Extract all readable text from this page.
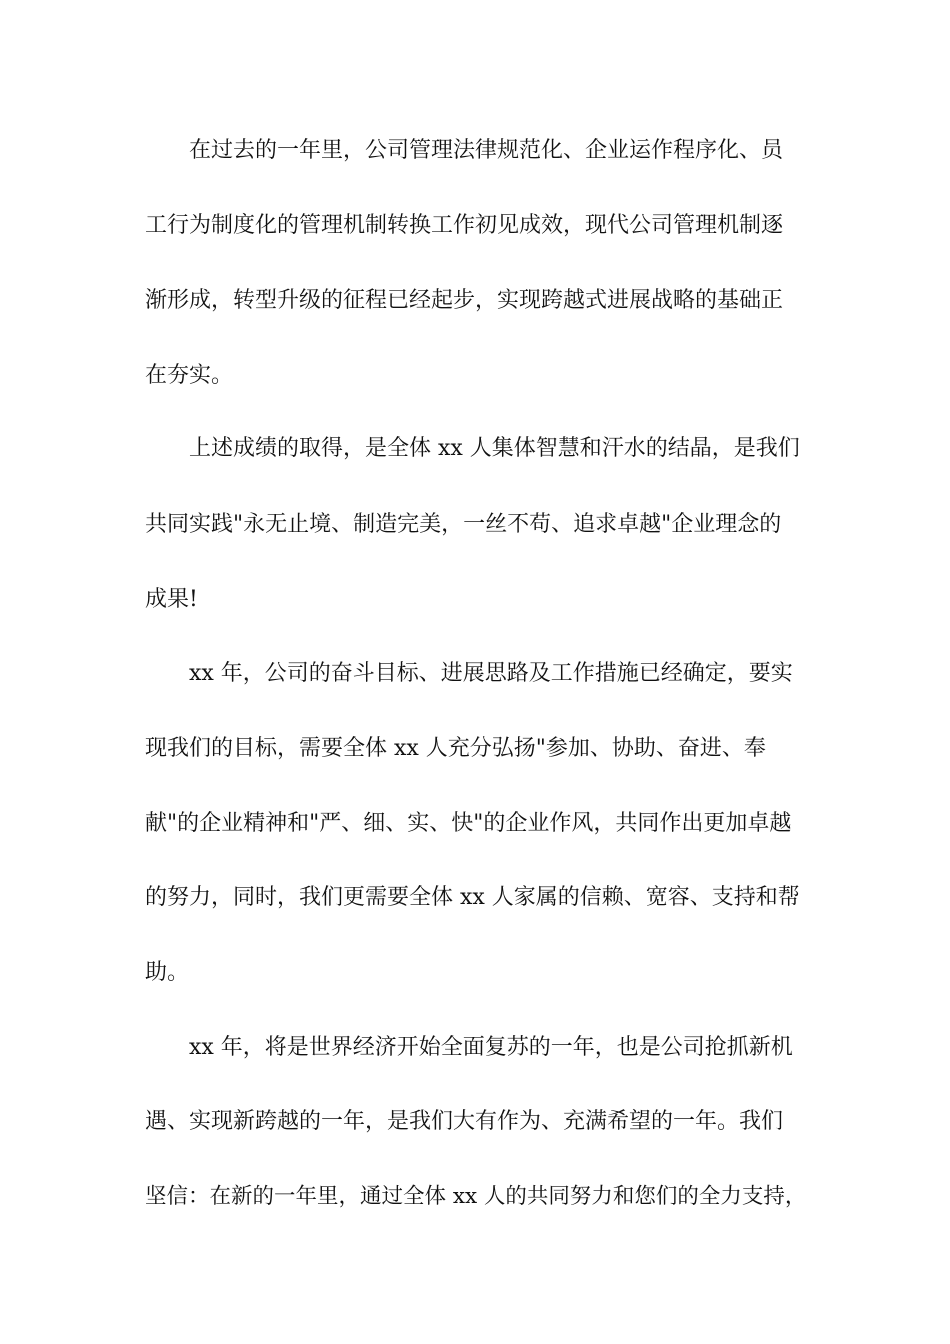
在过去的一年里，公司管理法律规范化、企业运作程序化、员
工行为制度化的管理机制转换工作初见成效，现代公司管理机制逐
渐形成，转型升级的征程已经起步，实现跨越式进展战略的基础正
在夯实。
上述成绩的取得，是全体 xx 人集体智慧和汗水的结晶，是我们
共同实践"永无止境、制造完美，一丝不苟、追求卓越"企业理念的
成果!
xx 年，公司的奋斗目标、进展思路及工作措施已经确定，要实
现我们的目标，需要全体 xx 人充分弘扬"参加、协助、奋进、奉
献"的企业精神和"严、细、实、快"的企业作风，共同作出更加卓越
的努力，同时，我们更需要全体 xx 人家属的信赖、宽容、支持和帮
助。
xx 年，将是世界经济开始全面复苏的一年，也是公司抢抓新机
遇、实现新跨越的一年，是我们大有作为、充满希望的一年。我们
坚信：在新的一年里，通过全体 xx 人的共同努力和您们的全力支持，
